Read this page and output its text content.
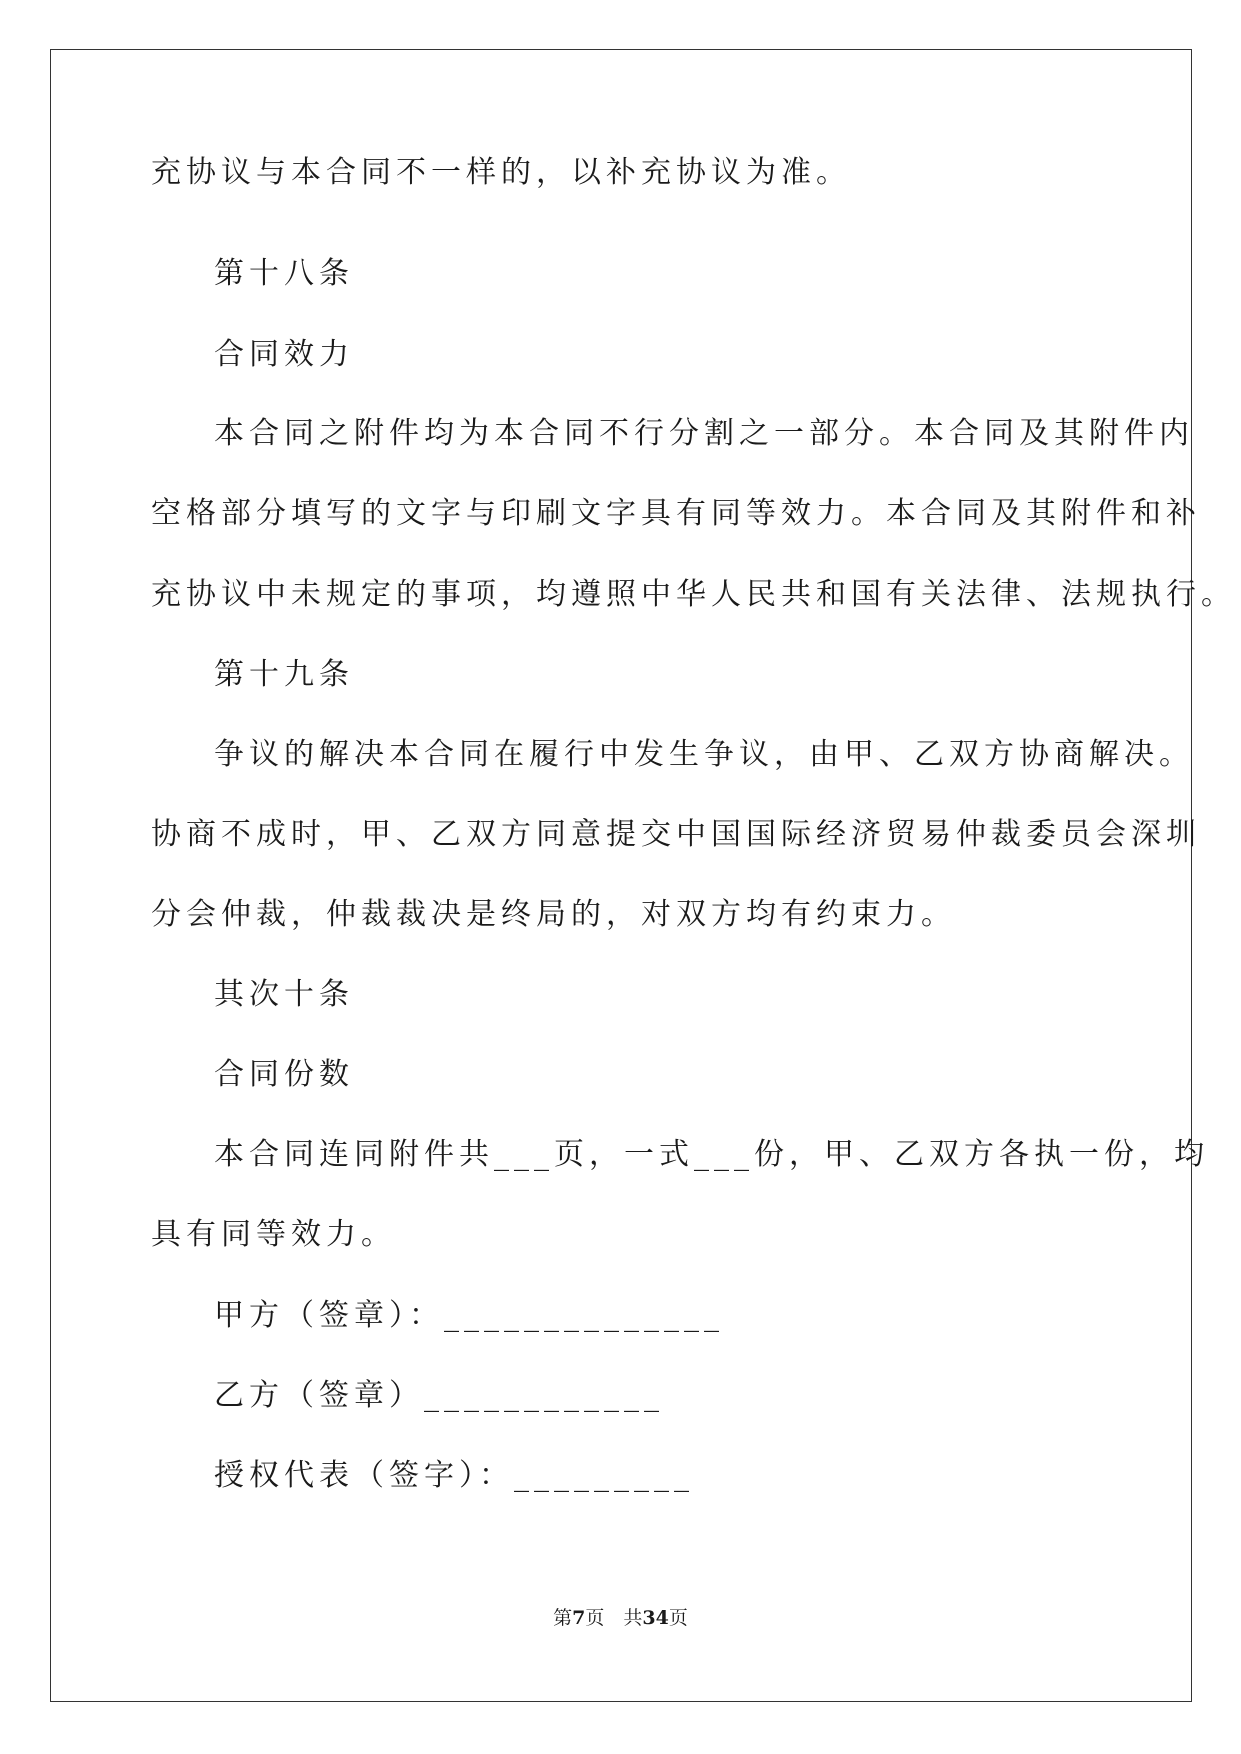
充协议与本合同不一样的，以补充协议为准。
第十八条
合同效力
本合同之附件均为本合同不行分割之一部分。本合同及其附件内
空格部分填写的文字与印刷文字具有同等效力。本合同及其附件和补
充协议中未规定的事项，均遵照中华人民共和国有关法律、法规执行。
第十九条
争议的解决本合同在履行中发生争议，由甲、乙双方协商解决。
协商不成时，甲、乙双方同意提交中国国际经济贸易仲裁委员会深圳
分会仲裁，仲裁裁决是终局的，对双方均有约束力。
其次十条
合同份数
本合同连同附件共___页，一式___份，甲、乙双方各执一份，均
具有同等效力。
甲方（签章）：______________
乙方（签章）____________
授权代表（签字）：_________
第7页　共34页
